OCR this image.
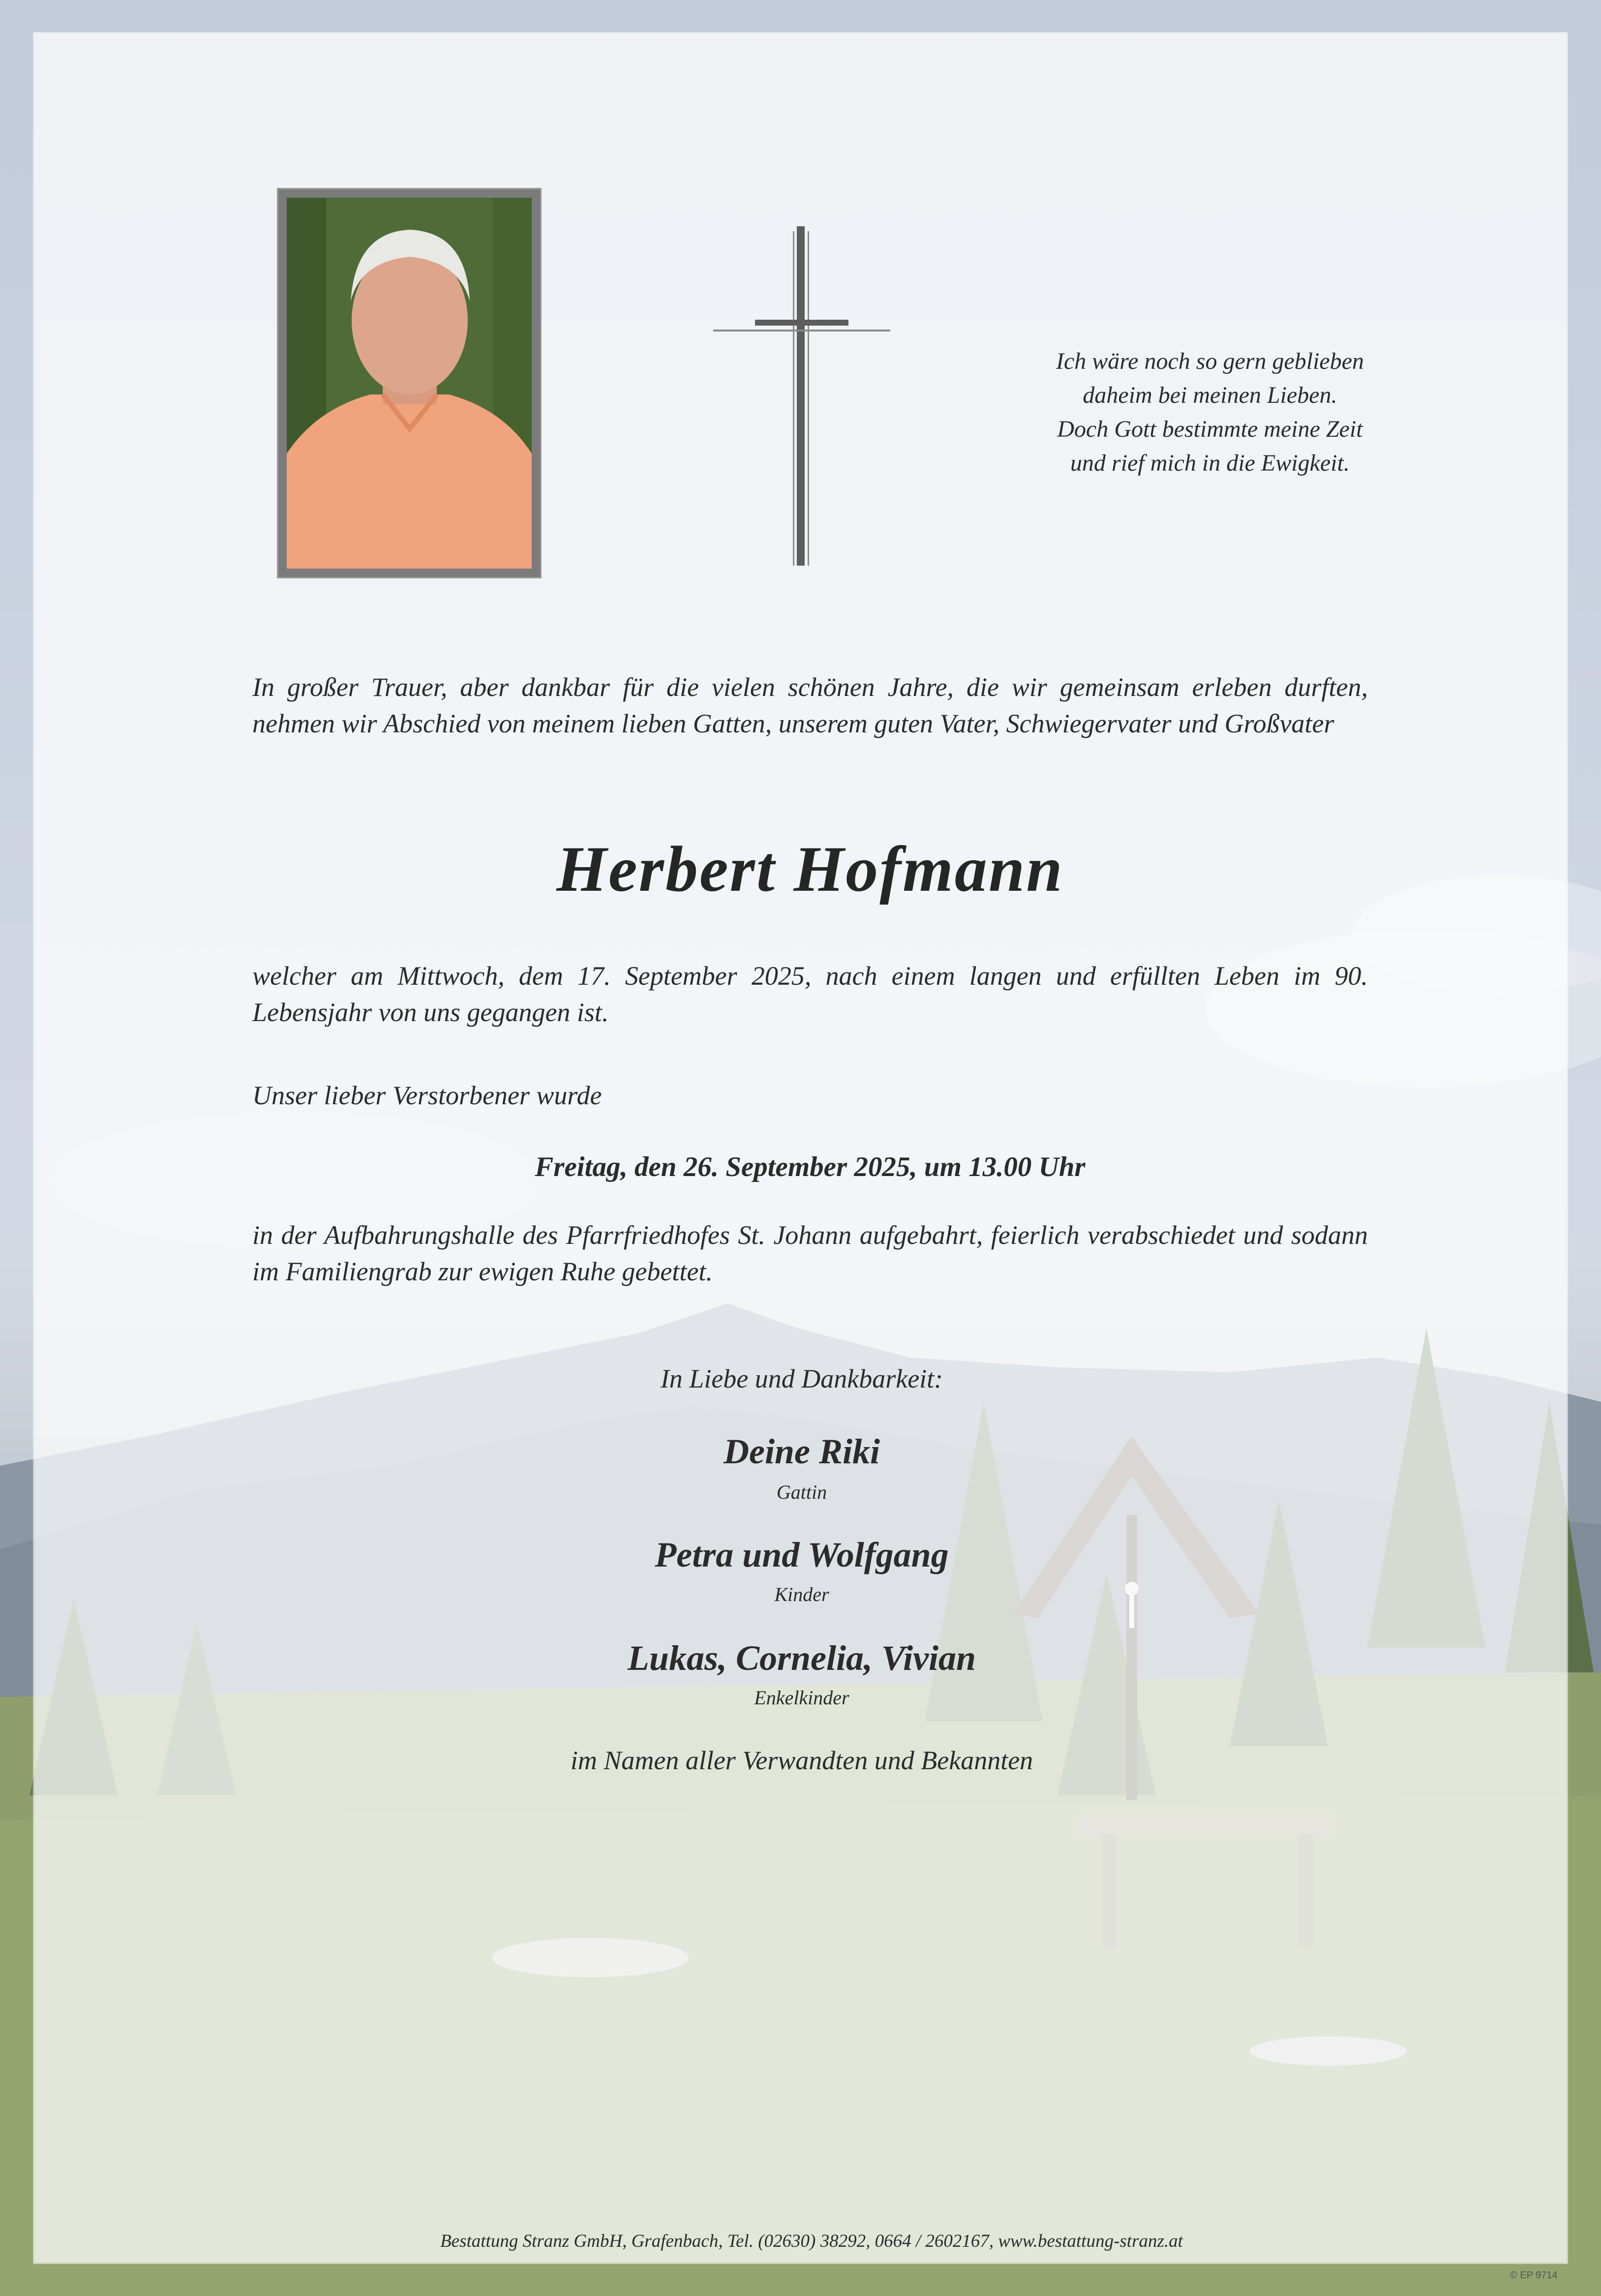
Ich wäre noch so gern geblieben
daheim bei meinen Lieben.
Doch Gott bestimmte meine Zeit
und rief mich in die Ewigkeit.
In großer Trauer, aber dankbar für die vielen schönen Jahre, die wir gemeinsam erleben durften, nehmen wir Abschied von meinem lieben Gatten, unserem guten Vater, Schwiegervater und Großvater
Herbert Hofmann
welcher am Mittwoch, dem 17. September 2025, nach einem langen und erfüllten Leben im 90. Lebensjahr von uns gegangen ist.
Unser lieber Verstorbener wurde
Freitag, den 26. September 2025, um 13.00 Uhr
in der Aufbahrungshalle des Pfarrfriedhofes St. Johann aufgebahrt, feierlich verabschiedet und sodann im Familiengrab zur ewigen Ruhe gebettet.
In Liebe und Dankbarkeit:
Deine Riki
Gattin
Petra und Wolfgang
Kinder
Lukas, Cornelia, Vivian
Enkelkinder
im Namen aller Verwandten und Bekannten
Bestattung Stranz GmbH, Grafenbach, Tel. (02630) 38292, 0664 / 2602167, www.bestattung-stranz.at
© EP 9714
